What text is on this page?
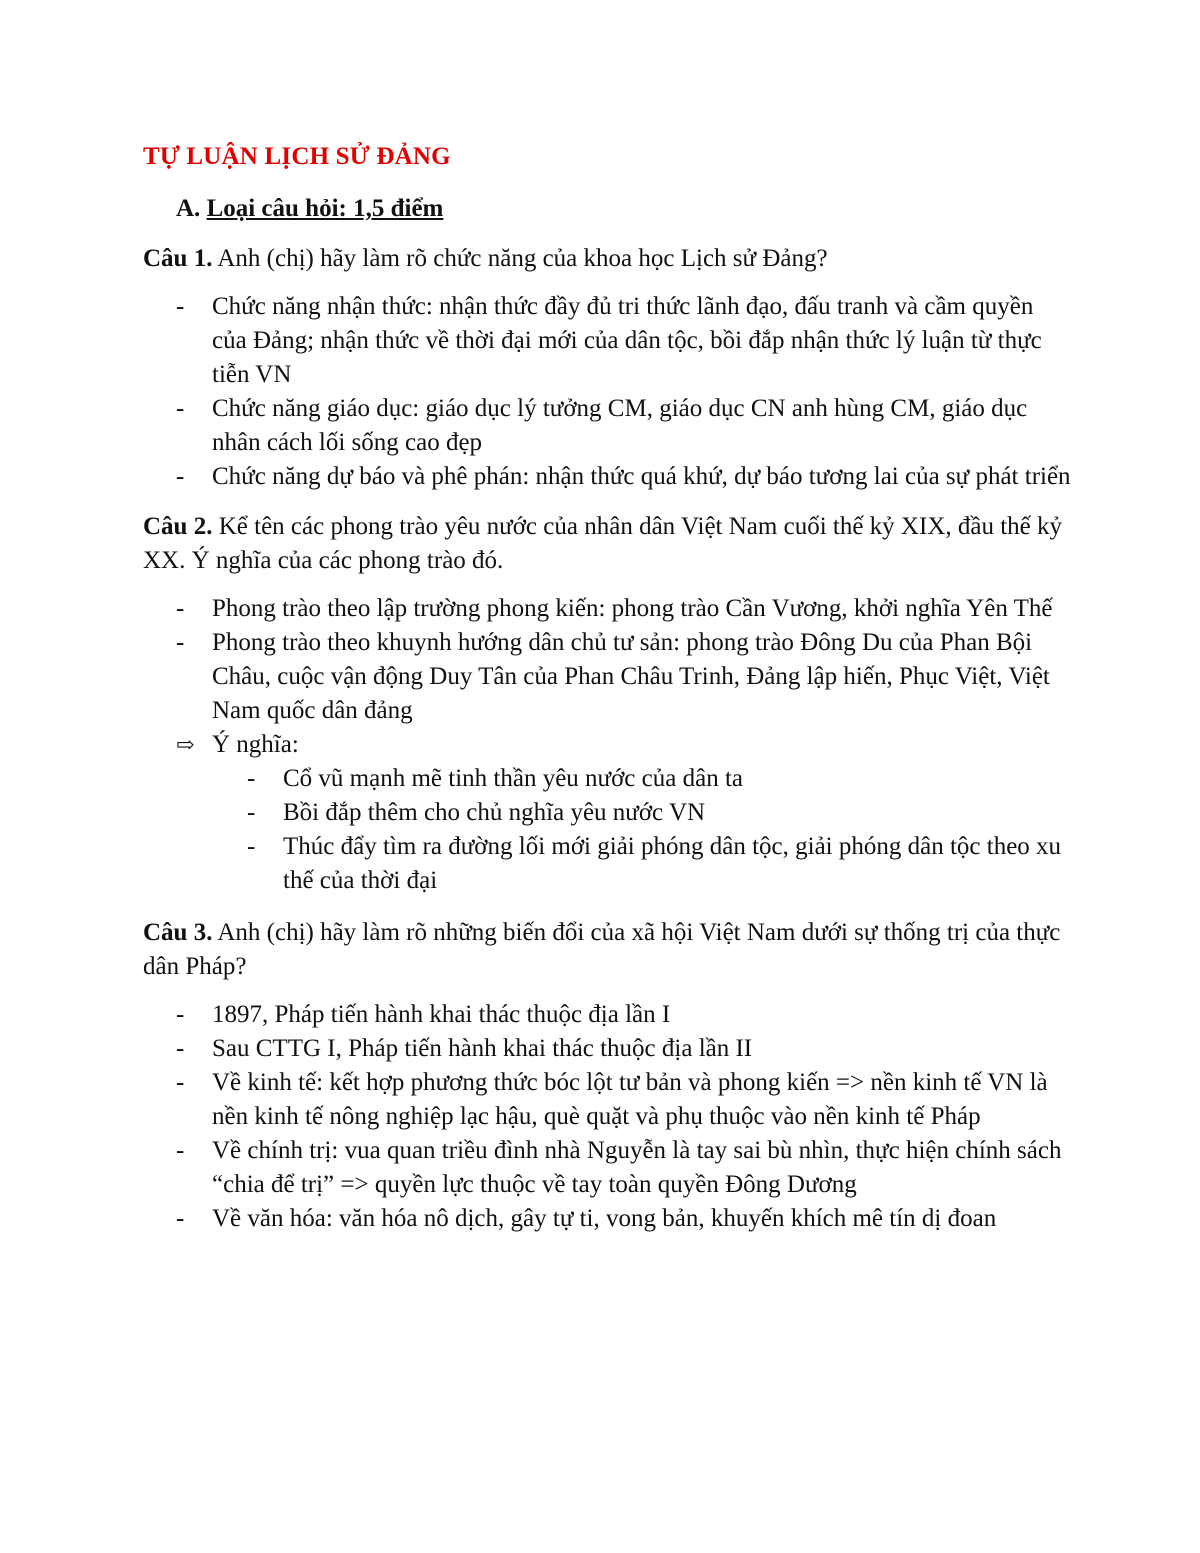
TỰ LUẬN LỊCH SỬ ĐẢNG
A. Loại câu hỏi: 1,5 điểm
Câu 1. Anh (chị) hãy làm rõ chức năng của khoa học Lịch sử Đảng?
- Chức năng nhận thức: nhận thức đầy đủ tri thức lãnh đạo, đấu tranh và cầm quyền của Đảng; nhận thức về thời đại mới của dân tộc, bồi đắp nhận thức lý luận từ thực tiễn VN
- Chức năng giáo dục: giáo dục lý tưởng CM, giáo dục CN anh hùng CM, giáo dục nhân cách lối sống cao đẹp
- Chức năng dự báo và phê phán: nhận thức quá khứ, dự báo tương lai của sự phát triển
Câu 2. Kể tên các phong trào yêu nước của nhân dân Việt Nam cuối thế kỷ XIX, đầu thế kỷ XX. Ý nghĩa của các phong trào đó.
- Phong trào theo lập trường phong kiến: phong trào Cần Vương, khởi nghĩa Yên Thế
- Phong trào theo khuynh hướng dân chủ tư sản: phong trào Đông Du của Phan Bội Châu, cuộc vận động Duy Tân của Phan Châu Trinh, Đảng lập hiến, Phục Việt, Việt Nam quốc dân đảng
⇨ Ý nghĩa:
- Cổ vũ mạnh mẽ tinh thần yêu nước của dân ta
- Bồi đắp thêm cho chủ nghĩa yêu nước VN
- Thúc đẩy tìm ra đường lối mới giải phóng dân tộc, giải phóng dân tộc theo xu thế của thời đại
Câu 3. Anh (chị) hãy làm rõ những biến đổi của xã hội Việt Nam dưới sự thống trị của thực dân Pháp?
- 1897, Pháp tiến hành khai thác thuộc địa lần I
- Sau CTTG I, Pháp tiến hành khai thác thuộc địa lần II
- Về kinh tế: kết hợp phương thức bóc lột tư bản và phong kiến => nền kinh tế VN là nền kinh tế nông nghiệp lạc hậu, què quặt và phụ thuộc vào nền kinh tế Pháp
- Về chính trị: vua quan triều đình nhà Nguyễn là tay sai bù nhìn, thực hiện chính sách “chia để trị” => quyền lực thuộc về tay toàn quyền Đông Dương
- Về văn hóa: văn hóa nô dịch, gây tự ti, vong bản, khuyến khích mê tín dị đoan
